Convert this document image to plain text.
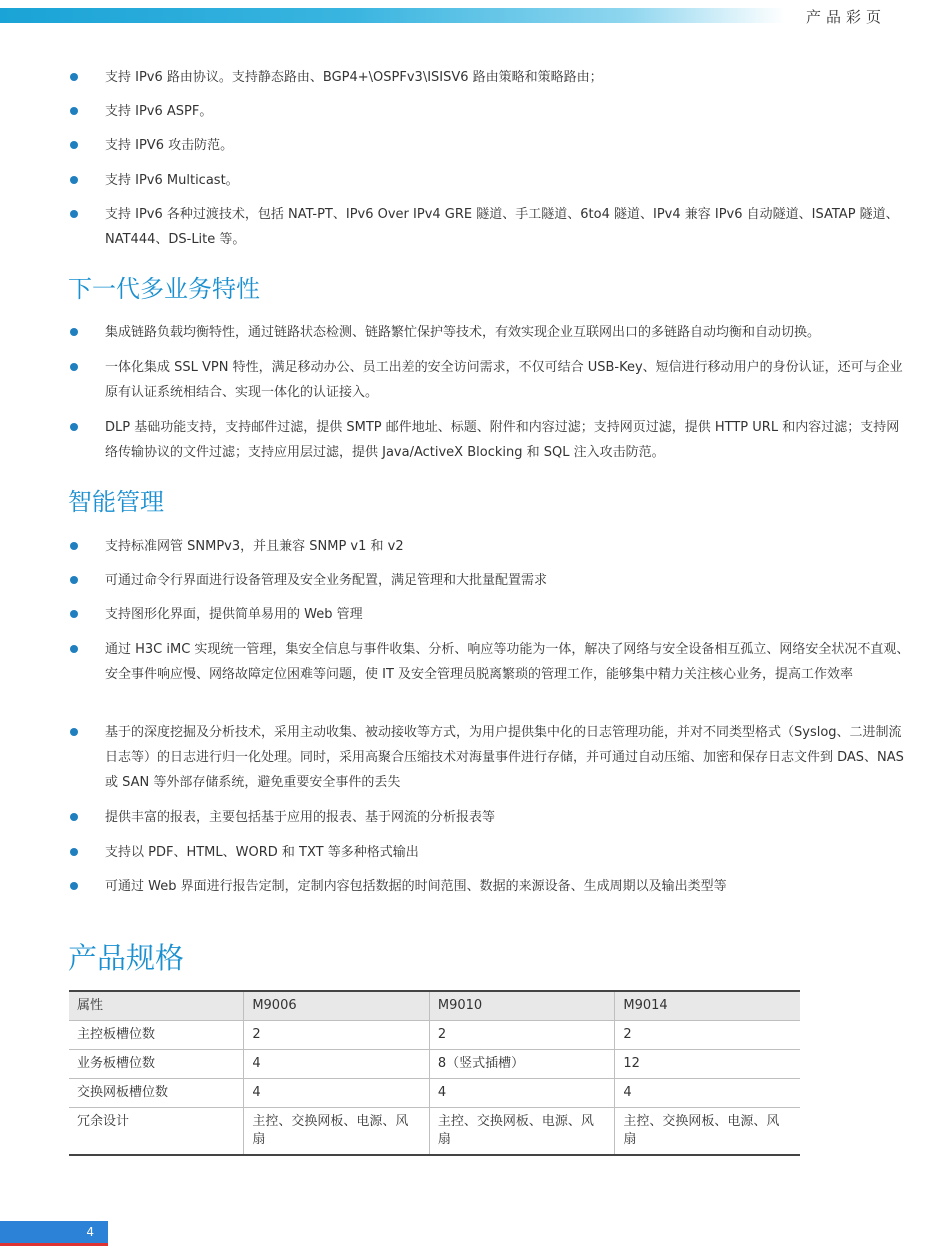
产品彩页
支持 IPv6 路由协议。支持静态路由、BGP4+\OSPFv3\ISISV6 路由策略和策略路由；
支持 IPv6 ASPF。
支持 IPV6 攻击防范。
支持 IPv6 Multicast。
支持 IPv6 各种过渡技术，包括 NAT-PT、IPv6 Over IPv4 GRE 隧道、手工隧道、6to4 隧道、IPv4 兼容 IPv6 自动隧道、ISATAP 隧道、NAT444、DS-Lite 等。
下一代多业务特性
集成链路负载均衡特性，通过链路状态检测、链路繁忙保护等技术，有效实现企业互联网出口的多链路自动均衡和自动切换。
一体化集成 SSL VPN 特性，满足移动办公、员工出差的安全访问需求，不仅可结合 USB-Key、短信进行移动用户的身份认证，还可与企业原有认证系统相结合、实现一体化的认证接入。
DLP 基础功能支持，支持邮件过滤，提供 SMTP 邮件地址、标题、附件和内容过滤；支持网页过滤，提供 HTTP URL 和内容过滤；支持网络传输协议的文件过滤；支持应用层过滤，提供 Java/ActiveX Blocking 和 SQL 注入攻击防范。
智能管理
支持标准网管 SNMPv3，并且兼容 SNMP v1 和 v2
可通过命令行界面进行设备管理及安全业务配置，满足管理和大批量配置需求
支持图形化界面，提供简单易用的 Web 管理
通过 H3C iMC 实现统一管理，集安全信息与事件收集、分析、响应等功能为一体，解决了网络与安全设备相互孤立、网络安全状况不直观、安全事件响应慢、网络故障定位困难等问题，使 IT 及安全管理员脱离繁琐的管理工作，能够集中精力关注核心业务，提高工作效率
基于的深度挖掘及分析技术，采用主动收集、被动接收等方式，为用户提供集中化的日志管理功能，并对不同类型格式（Syslog、二进制流日志等）的日志进行归一化处理。同时，采用高聚合压缩技术对海量事件进行存储，并可通过自动压缩、加密和保存日志文件到 DAS、NAS 或 SAN 等外部存储系统，避免重要安全事件的丢失
提供丰富的报表，主要包括基于应用的报表、基于网流的分析报表等
支持以 PDF、HTML、WORD 和 TXT 等多种格式输出
可通过 Web 界面进行报告定制，定制内容包括数据的时间范围、数据的来源设备、生成周期以及输出类型等
产品规格
属性	M9006	M9010	M9014
主控板槽位数	2	2	2
业务板槽位数	4	8（竖式插槽）	12
交换网板槽位数	4	4	4
冗余设计	主控、交换网板、电源、风扇	主控、交换网板、电源、风扇	主控、交换网板、电源、风扇
4
